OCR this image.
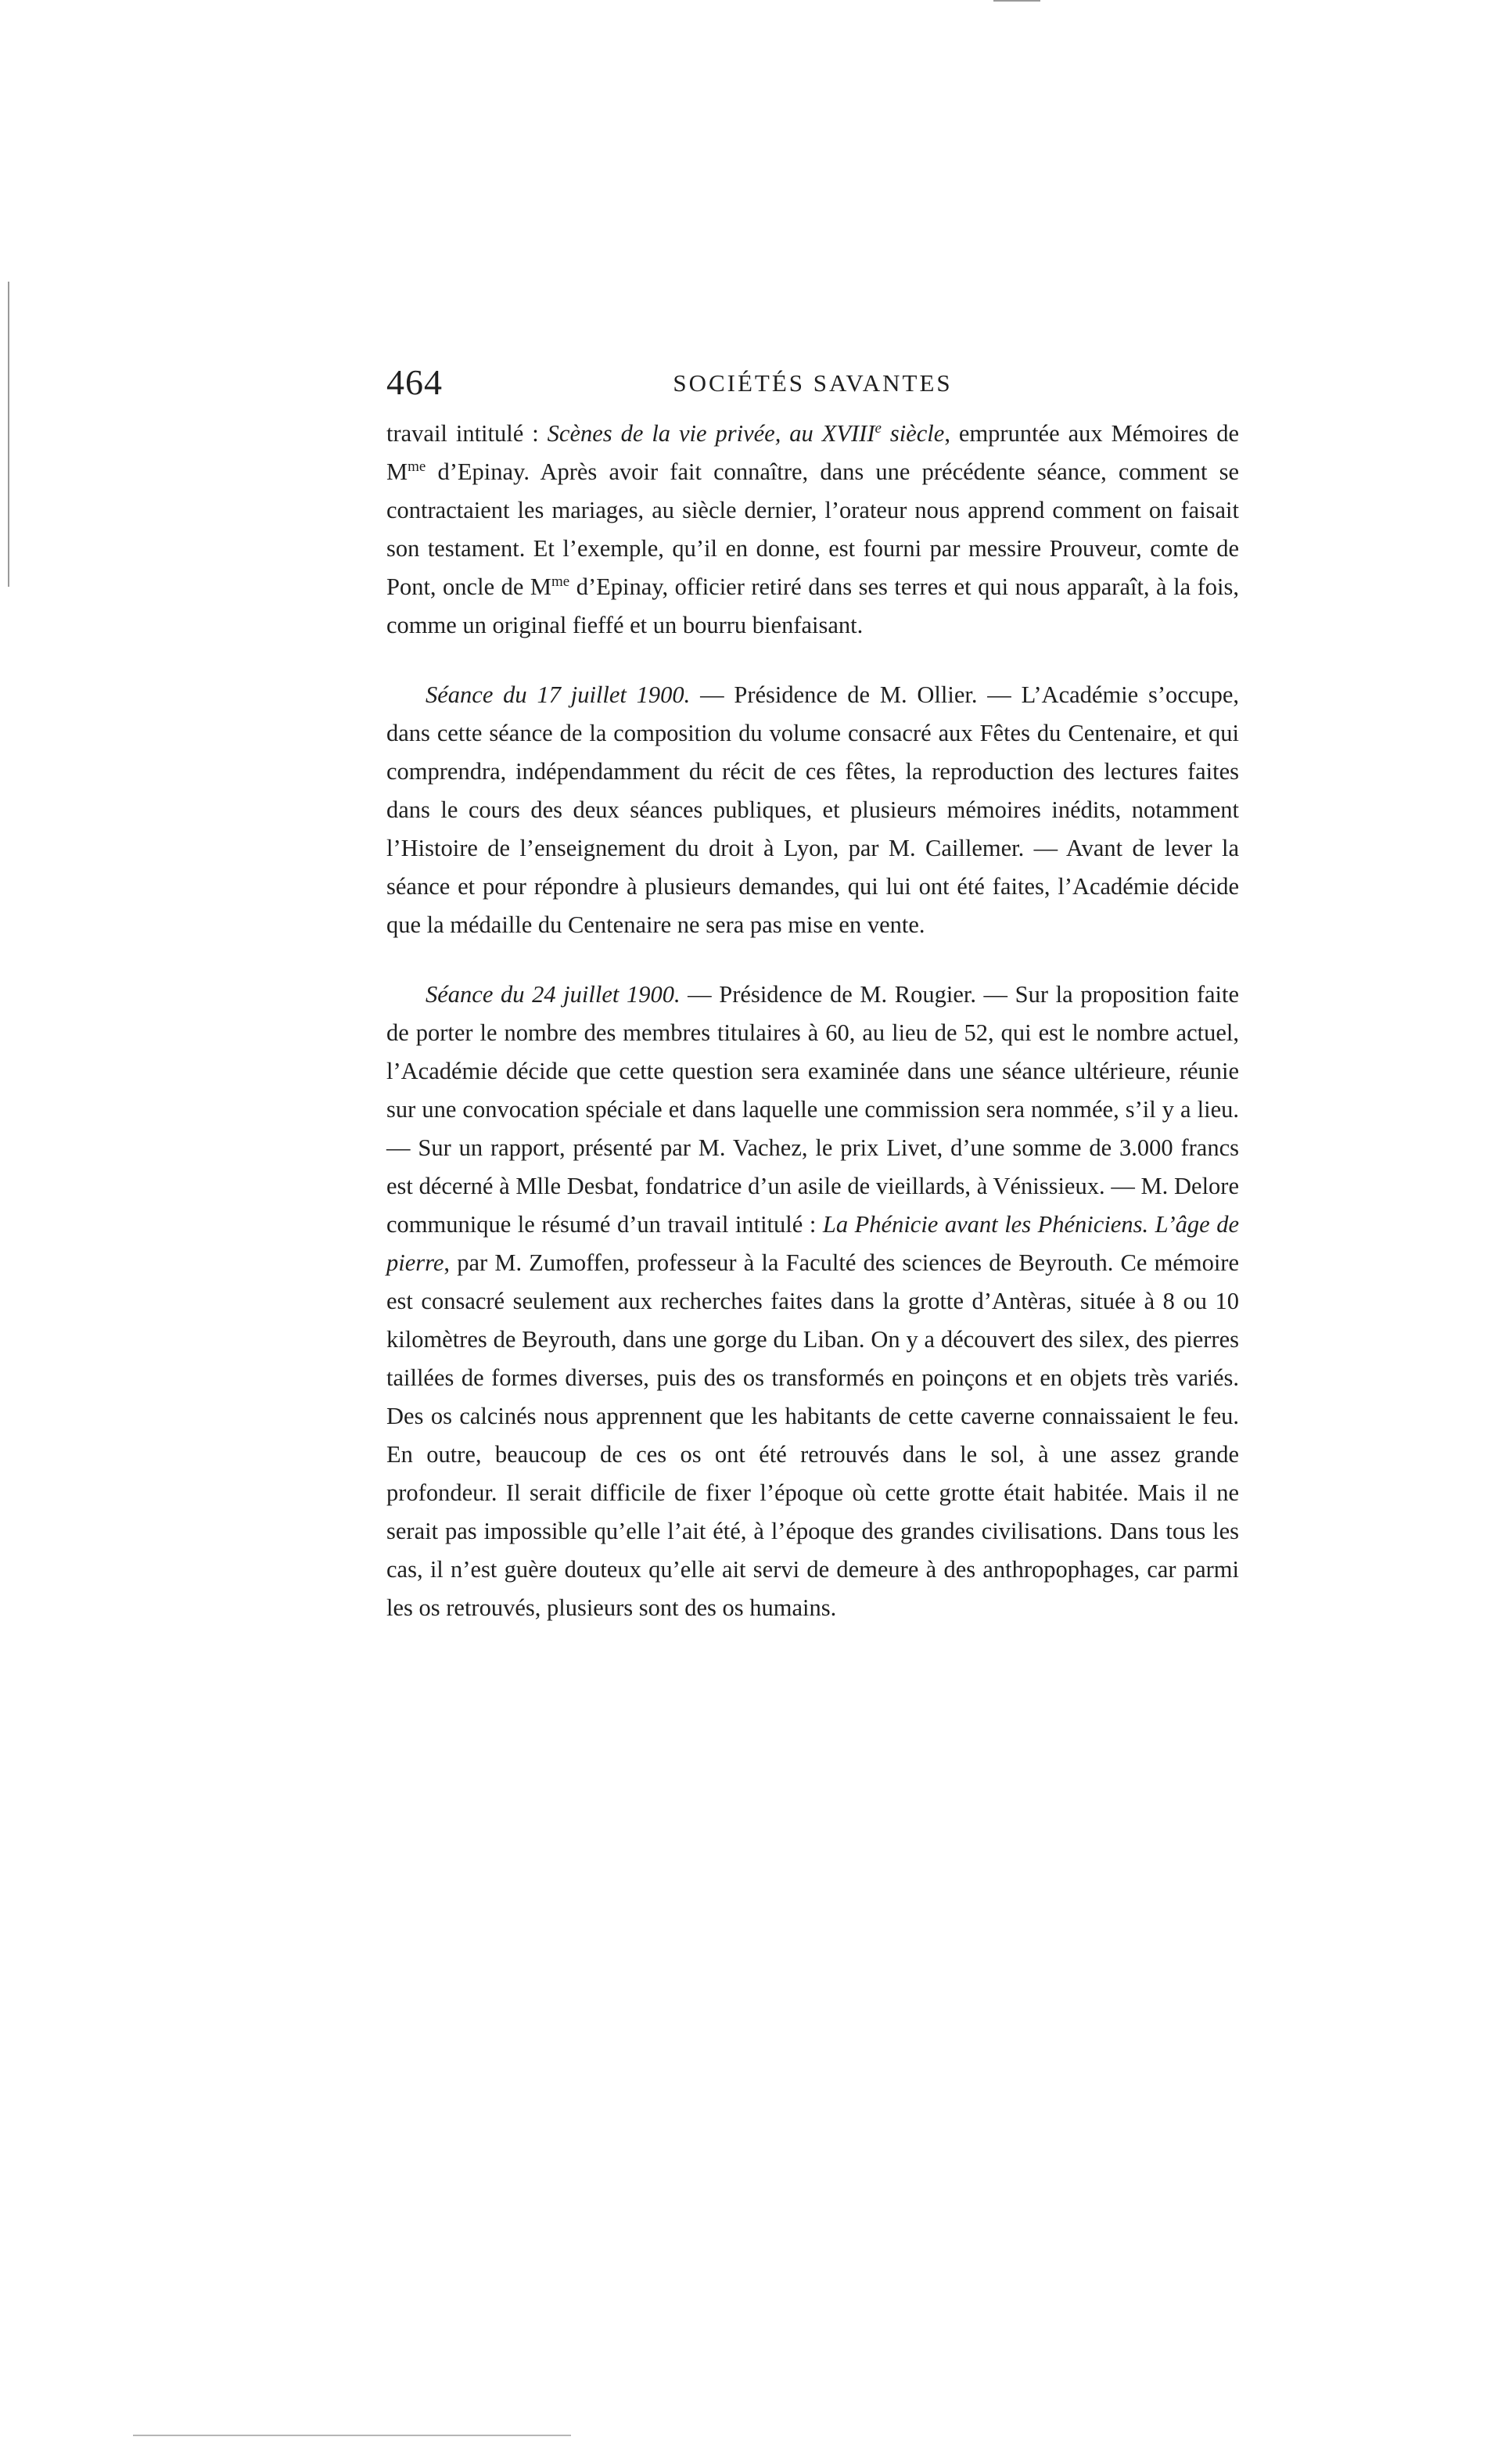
464	SOCIÉTÉS SAVANTES

travail intitulé : Scènes de la vie privée, au XVIIIe siècle, empruntée aux Mémoires de $M^{me}$ d’Epinay. Après avoir fait connaître, dans une précédente séance, comment se contractaient les mariages, au siècle dernier, l’orateur nous apprend comment on faisait son testament. Et l’exemple, qu’il en donne, est fourni par messire Prouveur, comte de Pont, oncle de $M^{me}$ d’Epinay, officier retiré dans ses terres et qui nous apparaît, à la fois, comme un original fieffé et un bourru bienfaisant.

Séance du 17 juillet 1900. — Présidence de M. Ollier. — L’Académie s’occupe, dans cette séance de la composition du volume consacré aux Fêtes du Centenaire, et qui comprendra, indépendamment du récit de ces fêtes, la reproduction des lectures faites dans le cours des deux séances publiques, et plusieurs mémoires inédits, notamment l’Histoire de l’enseignement du droit à Lyon, par M. Caillemer. — Avant de lever la séance et pour répondre à plusieurs demandes, qui lui ont été faites, l’Académie décide que la médaille du Centenaire ne sera pas mise en vente.

Séance du 24 juillet 1900. — Présidence de M. Rougier. — Sur la proposition faite de porter le nombre des membres titulaires à 60, au lieu de 52, qui est le nombre actuel, l’Académie décide que cette question sera examinée dans une séance ultérieure, réunie sur une convocation spéciale et dans laquelle une commission sera nommée, s’il y a lieu. — Sur un rapport, présenté par M. Vachez, le prix Livet, d’une somme de 3.000 francs est décerné à Mlle Desbat, fondatrice d’un asile de vieillards, à Vénissieux. — M. Delore communique le résumé d’un travail intitulé : La Phénicie avant les Phéniciens. L’âge de pierre, par M. Zumoffen, professeur à la Faculté des sciences de Beyrouth. Ce mémoire est consacré seulement aux recherches faites dans la grotte d’Antèras, située à 8 ou 10 kilomètres de Beyrouth, dans une gorge du Liban. On y a découvert des silex, des pierres taillées de formes diverses, puis des os transformés en poinçons et en objets très variés. Des os calcinés nous apprennent que les habitants de cette caverne connaissaient le feu. En outre, beaucoup de ces os ont été retrouvés dans le sol, à une assez grande profondeur. Il serait difficile de fixer l’époque où cette grotte était habitée. Mais il ne serait pas impossible qu’elle l’ait été, à l’époque des grandes civilisations. Dans tous les cas, il n’est guère douteux qu’elle ait servi de demeure à des anthropophages, car parmi les os retrouvés, plusieurs sont des os humains.
